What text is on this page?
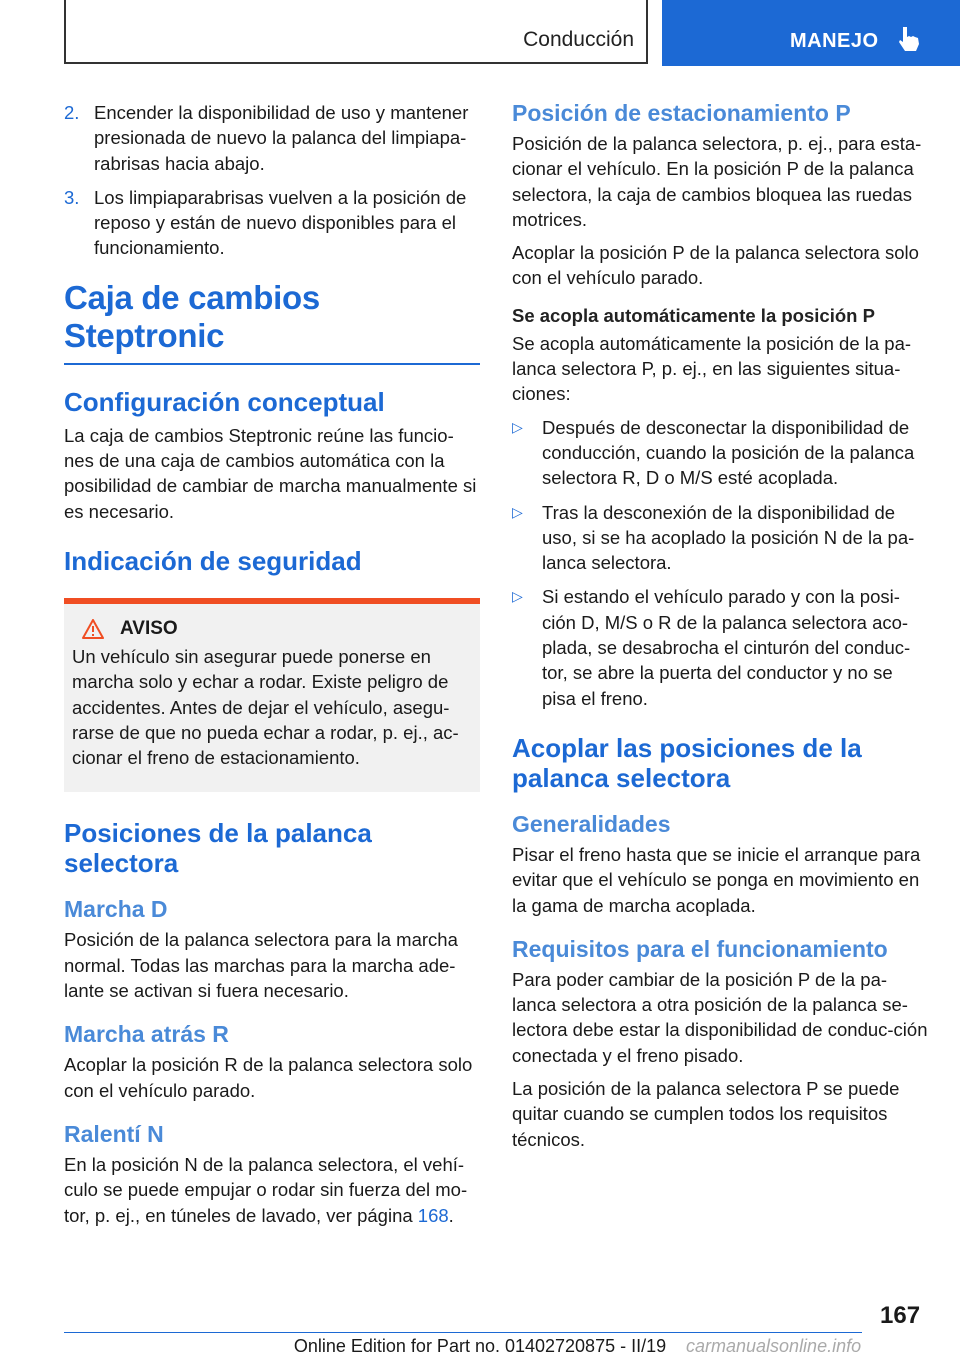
Conducción	MANEJO
2. Encender la disponibilidad de uso y mantener presionada de nuevo la palanca del limpiapa-rabrisas hacia abajo.
3. Los limpiaparabrisas vuelven a la posición de reposo y están de nuevo disponibles para el funcionamiento.
Caja de cambios Steptronic
Configuración conceptual

La caja de cambios Steptronic reúne las funcio-nes de una caja de cambios automática con la posibilidad de cambiar de marcha manualmente si es necesario.

Indicación de seguridad
AVISO

Un vehículo sin asegurar puede ponerse en marcha solo y echar a rodar. Existe peligro de accidentes. Antes de dejar el vehículo, asegu-rarse de que no pueda echar a rodar, p. ej., ac-cionar el freno de estacionamiento.

Posiciones de la palanca selectora
Marcha D

Posición de la palanca selectora para la marcha normal. Todas las marchas para la marcha ade-lante se activan si fuera necesario.

Marcha atrás R

Acoplar la posición R de la palanca selectora solo con el vehículo parado.

Ralentí N

En la posición N de la palanca selectora, el vehí-culo se puede empujar o rodar sin fuerza del mo-tor, p. ej., en túneles de lavado, ver página 168.

Posición de estacionamiento P

Posición de la palanca selectora, p. ej., para esta-cionar el vehículo. En la posición P de la palanca selectora, la caja de cambios bloquea las ruedas motrices.

Acoplar la posición P de la palanca selectora solo con el vehículo parado.

Se acopla automáticamente la posición P

Se acopla automáticamente la posición de la pa-lanca selectora P, p. ej., en las siguientes situa-ciones:

▷ Después de desconectar la disponibilidad de conducción, cuando la posición de la palanca selectora R, D o M/S esté acoplada.
▷ Tras la desconexión de la disponibilidad de uso, si se ha acoplado la posición N de la pa-lanca selectora.
▷ Si estando el vehículo parado y con la posi-ción D, M/S o R de la palanca selectora aco-plada, se desabrocha el cinturón del conduc-tor, se abre la puerta del conductor y no se pisa el freno.
Acoplar las posiciones de la palanca selectora
Generalidades

Pisar el freno hasta que se inicie el arranque para evitar que el vehículo se ponga en movimiento en la gama de marcha acoplada.

Requisitos para el funcionamiento

Para poder cambiar de la posición P de la pa-lanca selectora a otra posición de la palanca se-lectora debe estar la disponibilidad de conduc-ción conectada y el freno pisado.

La posición de la palanca selectora P se puede quitar cuando se cumplen todos los requisitos técnicos.

167
Online Edition for Part no. 01402720875 - II/19	carmanualsonline.info
